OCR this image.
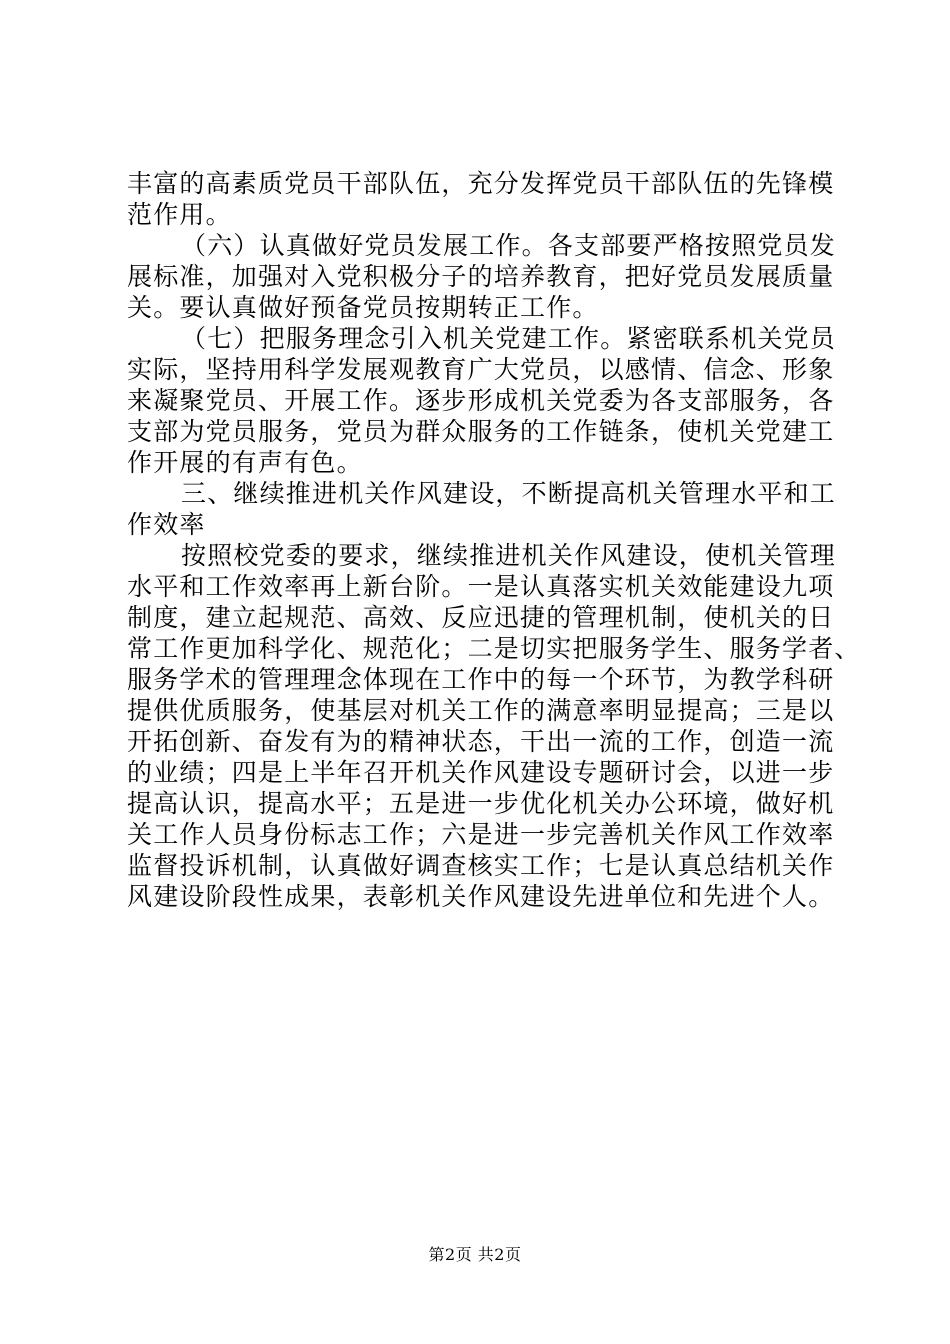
丰富的高素质党员干部队伍，充分发挥党员干部队伍的先锋模
范作用。
（六）认真做好党员发展工作。各支部要严格按照党员发
展标准，加强对入党积极分子的培养教育，把好党员发展质量
关。要认真做好预备党员按期转正工作。
（七）把服务理念引入机关党建工作。紧密联系机关党员
实际，坚持用科学发展观教育广大党员，以感情、信念、形象
来凝聚党员、开展工作。逐步形成机关党委为各支部服务，各
支部为党员服务，党员为群众服务的工作链条，使机关党建工
作开展的有声有色。
三、继续推进机关作风建设，不断提高机关管理水平和工
作效率
按照校党委的要求，继续推进机关作风建设，使机关管理
水平和工作效率再上新台阶。一是认真落实机关效能建设九项
制度，建立起规范、高效、反应迅捷的管理机制，使机关的日
常工作更加科学化、规范化；二是切实把服务学生、服务学者、
服务学术的管理理念体现在工作中的每一个环节，为教学科研
提供优质服务，使基层对机关工作的满意率明显提高；三是以
开拓创新、奋发有为的精神状态，干出一流的工作，创造一流
的业绩；四是上半年召开机关作风建设专题研讨会，以进一步
提高认识，提高水平；五是进一步优化机关办公环境，做好机
关工作人员身份标志工作；六是进一步完善机关作风工作效率
监督投诉机制，认真做好调查核实工作；七是认真总结机关作
风建设阶段性成果，表彰机关作风建设先进单位和先进个人。
第2页 共2页
